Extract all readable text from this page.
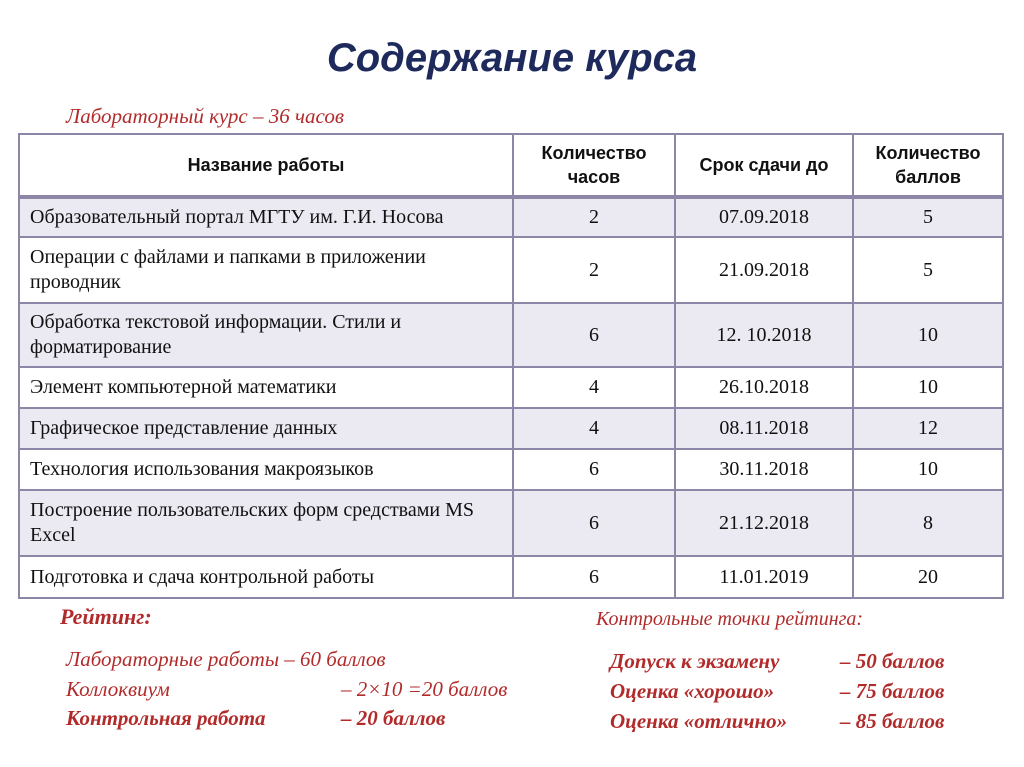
Содержание курса
Лабораторный курс – 36 часов
Название работы	Количество часов	Срок сдачи до	Количество баллов
Образовательный портал МГТУ им. Г.И. Носова	2	07.09.2018	5
Операции с файлами и папками в приложении проводник	2	21.09.2018	5
Обработка текстовой информации. Стили и форматирование	6	12. 10.2018	10
Элемент компьютерной математики	4	26.10.2018	10
Графическое представление данных	4	08.11.2018	12
Технология использования макроязыков	6	30.11.2018	10
Построение пользовательских форм средствами MS Excel	6	21.12.2018	8
Подготовка и сдача контрольной работы	6	11.01.2019	20
Рейтинг:
Лабораторные работы – 60 баллов
Коллоквиум	– 2×10 =20 баллов
Контрольная работа	– 20 баллов
Контрольные точки рейтинга:
Допуск к экзамену	– 50 баллов
Оценка «хорошо»	– 75 баллов
Оценка «отлично»	– 85 баллов
